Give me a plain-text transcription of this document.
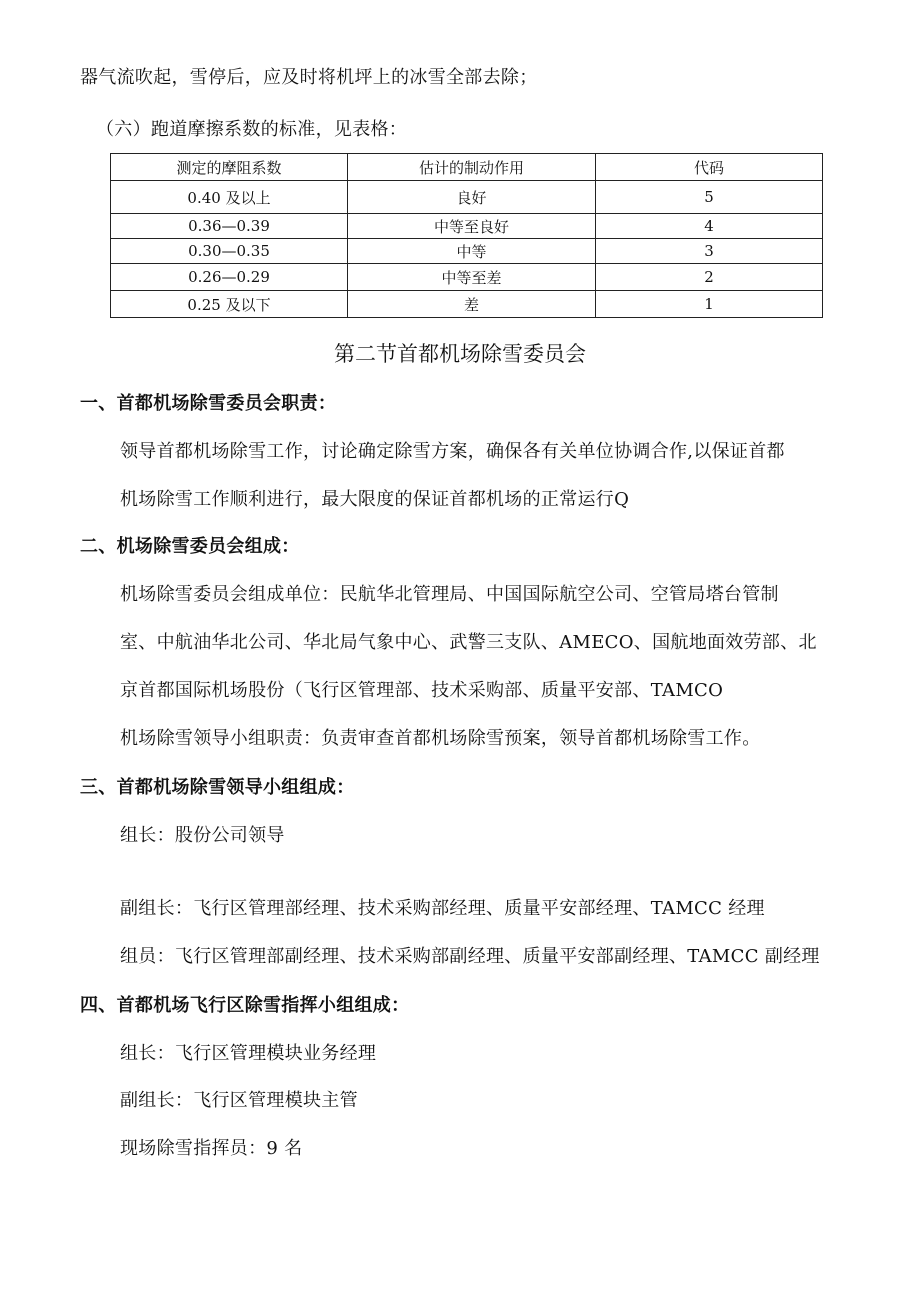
器气流吹起，雪停后，应及时将机坪上的冰雪全部去除；
（六）跑道摩擦系数的标准，见表格：
测定的摩阻系数	估计的制动作用	代码
0.40 及以上	良好	5
0.36—0.39	中等至良好	4
0.30—0.35	中等	3
0.26—0.29	中等至差	2
0.25 及以下	差	1
第二节首都机场除雪委员会
一、首都机场除雪委员会职责：
领导首都机场除雪工作，讨论确定除雪方案，确保各有关单位协调合作,以保证首都
机场除雪工作顺利进行，最大限度的保证首都机场的正常运行Q
二、机场除雪委员会组成：
机场除雪委员会组成单位：民航华北管理局、中国国际航空公司、空管局塔台管制
室、中航油华北公司、华北局气象中心、武警三支队、AMECO、国航地面效劳部、北
京首都国际机场股份（飞行区管理部、技术采购部、质量平安部、TAMCO
机场除雪领导小组职责：负责审查首都机场除雪预案，领导首都机场除雪工作。
三、首都机场除雪领导小组组成：
组长：股份公司领导
副组长：飞行区管理部经理、技术采购部经理、质量平安部经理、TAMCC 经理
组员：飞行区管理部副经理、技术采购部副经理、质量平安部副经理、TAMCC 副经理
四、首都机场飞行区除雪指挥小组组成：
组长：飞行区管理模块业务经理
副组长：飞行区管理模块主管
现场除雪指挥员：9 名
